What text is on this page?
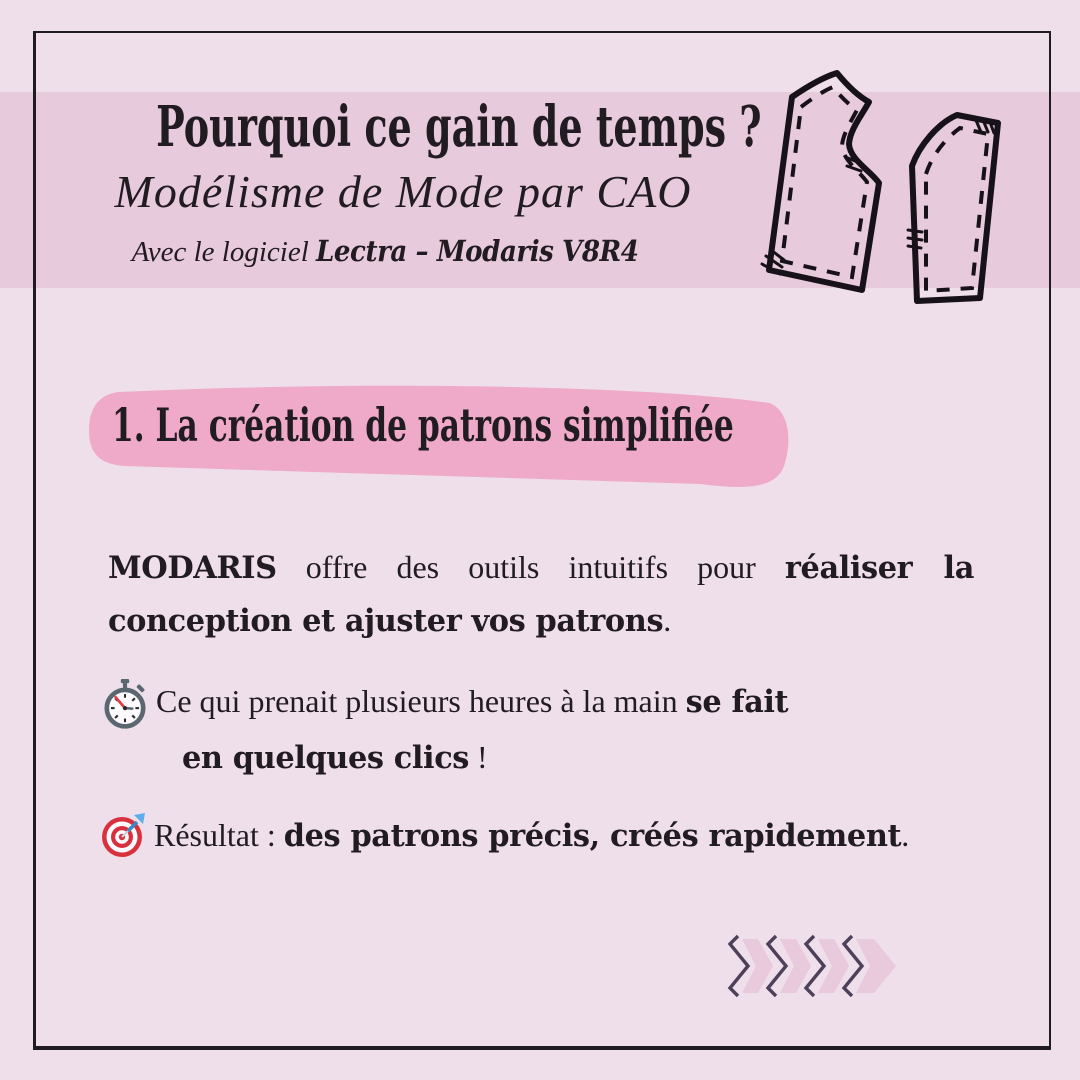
Pourquoi ce gain de temps ?
Modélisme de Mode par CAO
Avec le logiciel Lectra – Modaris V8R4
1. La création de patrons simplifiée
MODARIS offre des outils intuitifs pour réaliser la
conception et ajuster vos patrons.
Ce qui prenait plusieurs heures à la main se fait
en quelques clics !
Résultat : des patrons précis, créés rapidement.
